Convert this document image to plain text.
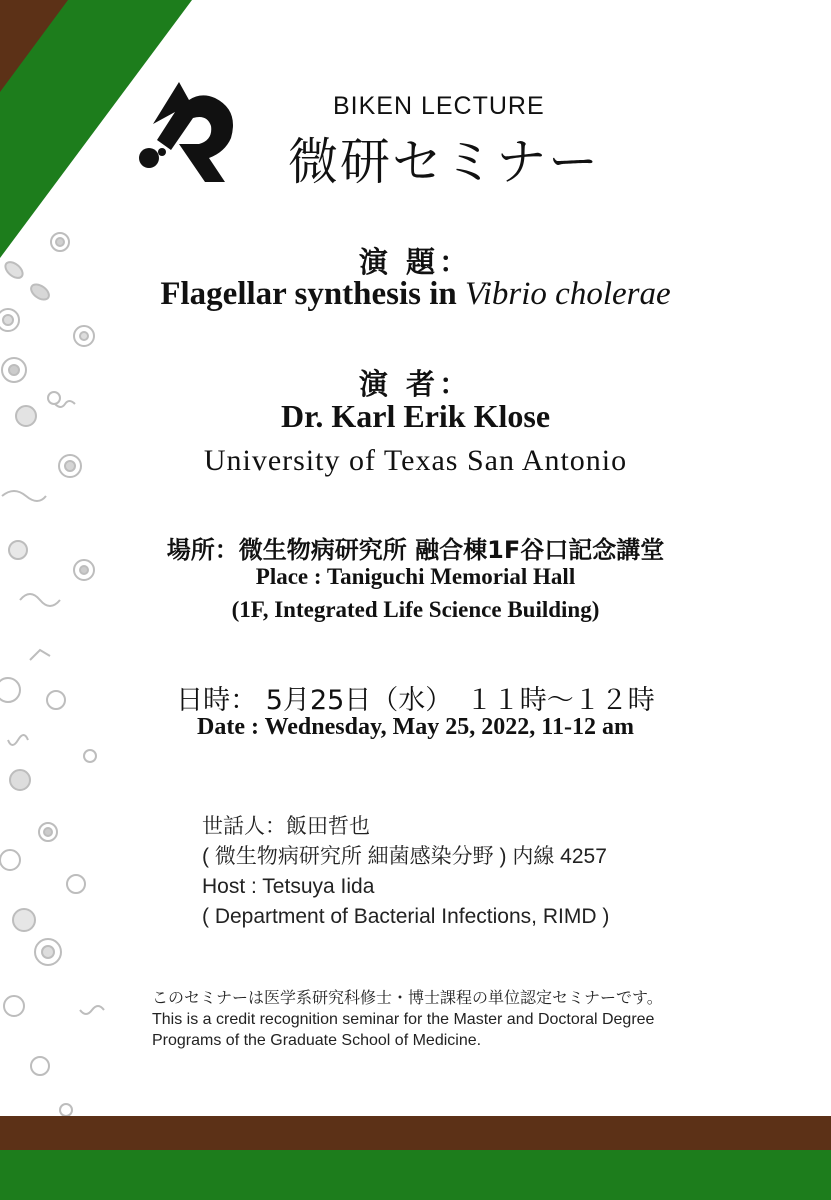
BIKEN LECTURE
微研セミナー
演 題：
Flagellar synthesis in Vibrio cholerae
演 者：
Dr. Karl Erik Klose
University of Texas San Antonio
場所：微生物病研究所 融合棟1F谷口記念講堂
Place : Taniguchi Memorial Hall
(1F, Integrated Life Science Building)
日時： 5月25日（水）　 １１時～１２時
Date : Wednesday, May 25, 2022, 11-12 am
世話人：飯田哲也
( 微生物病研究所 細菌感染分野 ) 内線 4257
Host : Tetsuya Iida
( Department of Bacterial Infections, RIMD )
このセミナーは医学系研究科修士・博士課程の単位認定セミナーです。
This is a credit recognition seminar for the Master and Doctoral Degree
Programs of the Graduate School of Medicine.
